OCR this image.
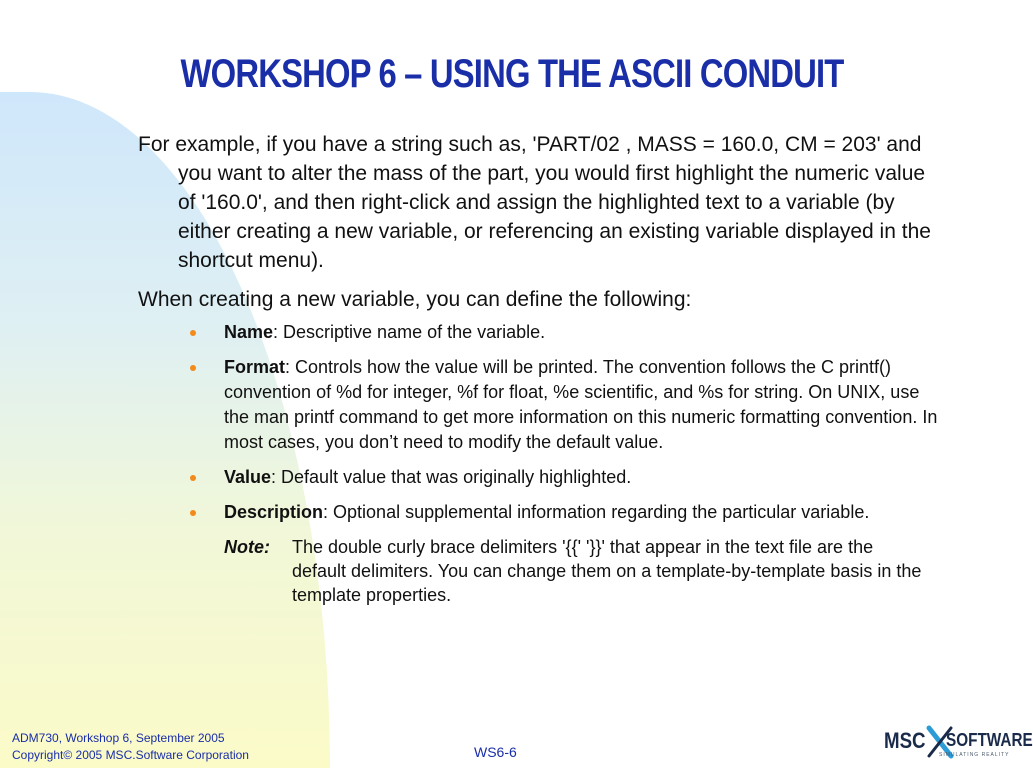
WORKSHOP 6 – USING THE ASCII CONDUIT

For example, if you have a string such as, 'PART/02 , MASS = 160.0, CM = 203' and you want to alter the mass of the part, you would first highlight the numeric value of '160.0', and then right-click and assign the highlighted text to a variable (by either creating a new variable, or referencing an existing variable displayed in the shortcut menu).

When creating a new variable, you can define the following:

Name: Descriptive name of the variable.
Format: Controls how the value will be printed. The convention follows the C printf() convention of %d for integer, %f for float, %e scientific, and %s for string. On UNIX, use the man printf command to get more information on this numeric formatting convention. In most cases, you don’t need to modify the default value.
Value: Default value that was originally highlighted.
Description: Optional supplemental information regarding the particular variable.
Note: The double curly brace delimiters '{{' '}}' that appear in the text file are the default delimiters. You can change them on a template-by-template basis in the template properties.
ADM730, Workshop 6, September 2005
Copyright© 2005 MSC.Software Corporation	WS6-6	MSC SOFTWARE
SIMULATING REALITY
